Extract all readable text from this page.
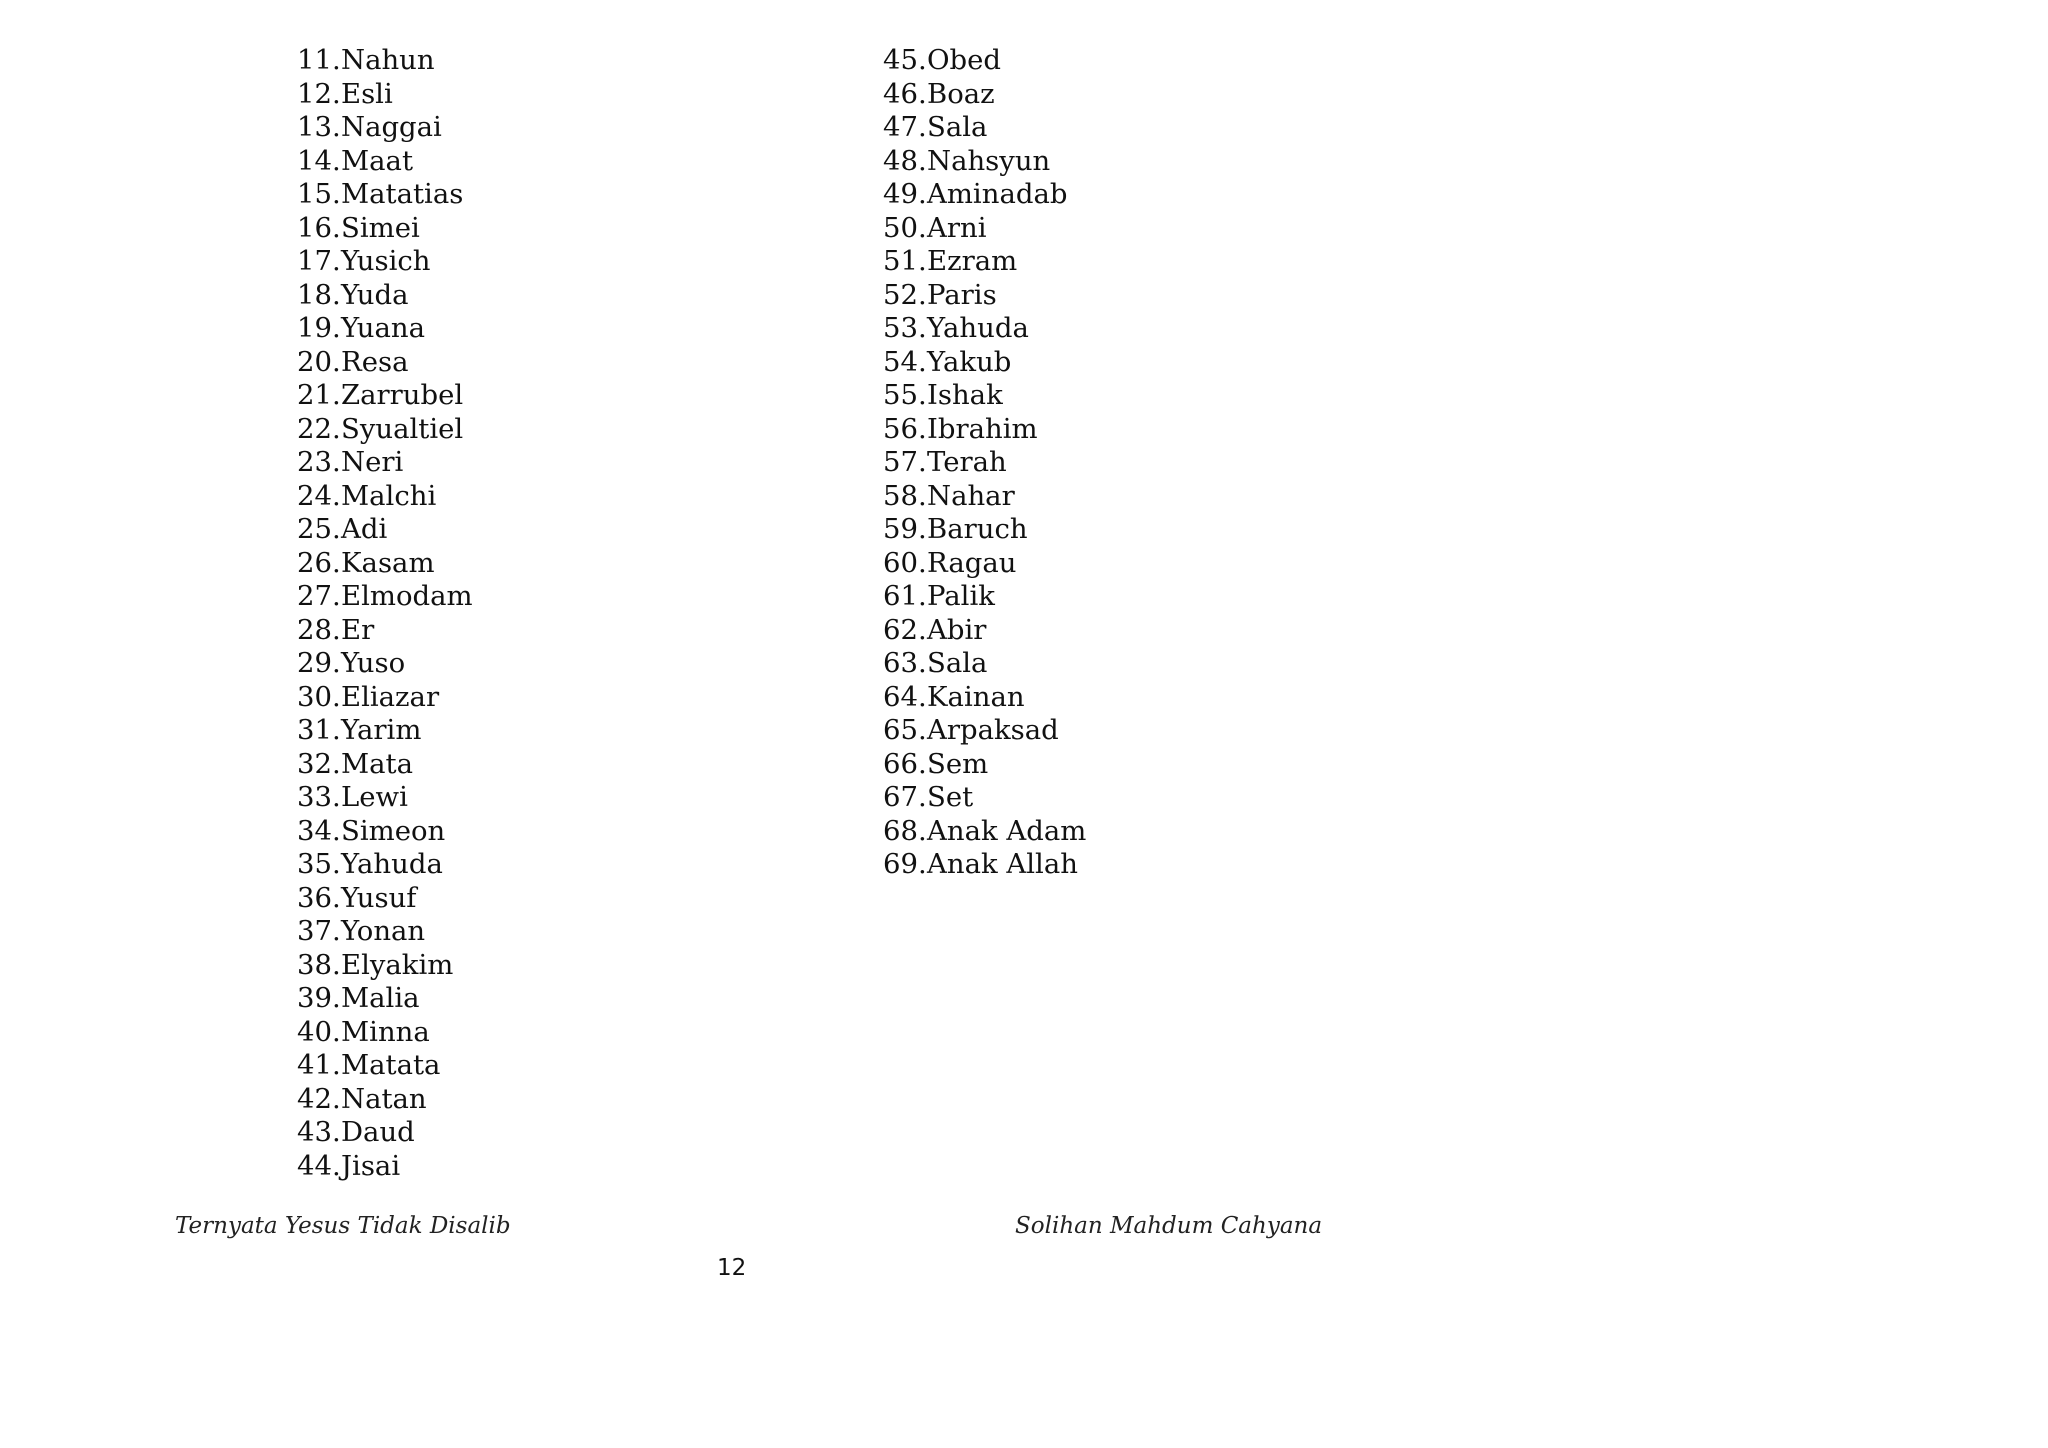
11.Nahun
12.Esli
13.Naggai
14.Maat
15.Matatias
16.Simei
17.Yusich
18.Yuda
19.Yuana
20.Resa
21.Zarrubel
22.Syualtiel
23.Neri
24.Malchi
25.Adi
26.Kasam
27.Elmodam
28.Er
29.Yuso
30.Eliazar
31.Yarim
32.Mata
33.Lewi
34.Simeon
35.Yahuda
36.Yusuf
37.Yonan
38.Elyakim
39.Malia
40.Minna
41.Matata
42.Natan
43.Daud
44.Jisai
45.Obed
46.Boaz
47.Sala
48.Nahsyun
49.Aminadab
50.Arni
51.Ezram
52.Paris
53.Yahuda
54.Yakub
55.Ishak
56.Ibrahim
57.Terah
58.Nahar
59.Baruch
60.Ragau
61.Palik
62.Abir
63.Sala
64.Kainan
65.Arpaksad
66.Sem
67.Set
68.Anak Adam
69.Anak Allah
Ternyata Yesus Tidak Disalib	Solihan Mahdum Cahyana
12
